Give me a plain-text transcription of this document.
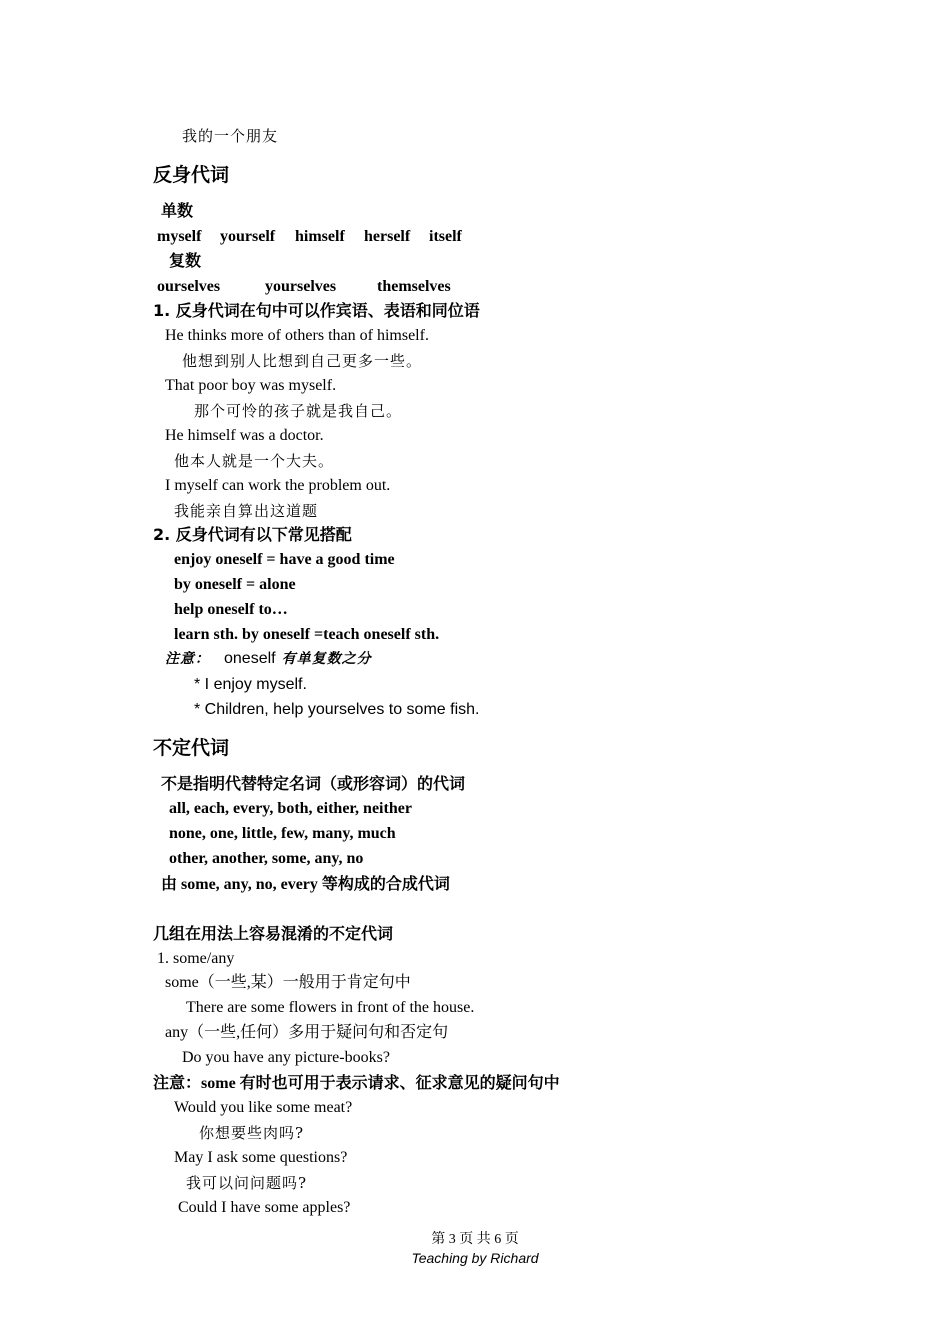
我的一个朋友
反身代词
单数
myself yourself himself herself itself
复数
ourselves	yourselves	themselves
1. 反身代词在句中可以作宾语、表语和同位语
He thinks more of others than of himself.
他想到别人比想到自己更多一些。
That poor boy was myself.
那个可怜的孩子就是我自己。
He himself was a doctor.
他本人就是一个大夫。
I myself can work the problem out.
我能亲自算出这道题
2. 反身代词有以下常见搭配
enjoy oneself = have a good time
by oneself = alone
help oneself to…
learn sth. by oneself =teach oneself sth.
注意： oneself 有单复数之分
* I enjoy myself.
* Children, help yourselves to some fish.
不定代词
不是指明代替特定名词（或形容词）的代词
all, each, every, both, either, neither
none, one, little, few, many, much
other, another, some, any, no
由 some, any, no, every 等构成的合成代词
几组在用法上容易混淆的不定代词
1. some/any
some（一些,某）一般用于肯定句中
There are some flowers in front of the house.
any（一些,任何）多用于疑问句和否定句
Do you have any picture-books?
注意：some 有时也可用于表示请求、征求意见的疑问句中
Would you like some meat?
你想要些肉吗?
May I ask some questions?
我可以问问题吗?
Could I have some apples?
第 3 页 共 6 页
Teaching by Richard
